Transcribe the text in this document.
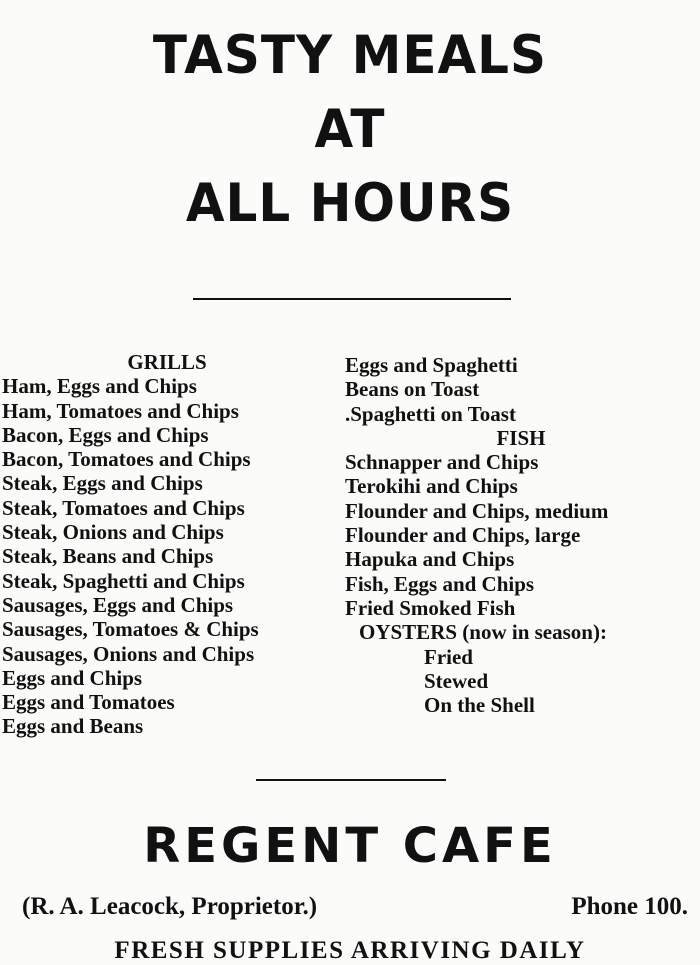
TASTY MEALS
AT
ALL HOURS
GRILLS
Ham, Eggs and Chips
Ham, Tomatoes and Chips
Bacon, Eggs and Chips
Bacon, Tomatoes and Chips
Steak, Eggs and Chips
Steak, Tomatoes and Chips
Steak, Onions and Chips
Steak, Beans and Chips
Steak, Spaghetti and Chips
Sausages, Eggs and Chips
Sausages, Tomatoes & Chips
Sausages, Onions and Chips
Eggs and Chips
Eggs and Tomatoes
Eggs and Beans
Eggs and Spaghetti
Beans on Toast
.Spaghetti on Toast
FISH
Schnapper and Chips
Terokihi and Chips
Flounder and Chips, medium
Flounder and Chips, large
Hapuka and Chips
Fish, Eggs and Chips
Fried Smoked Fish
OYSTERS (now in season):
Fried
Stewed
On the Shell
REGENT CAFE
(R. A. Leacock, Proprietor.)	Phone 100.
FRESH SUPPLIES ARRIVING DAILY
